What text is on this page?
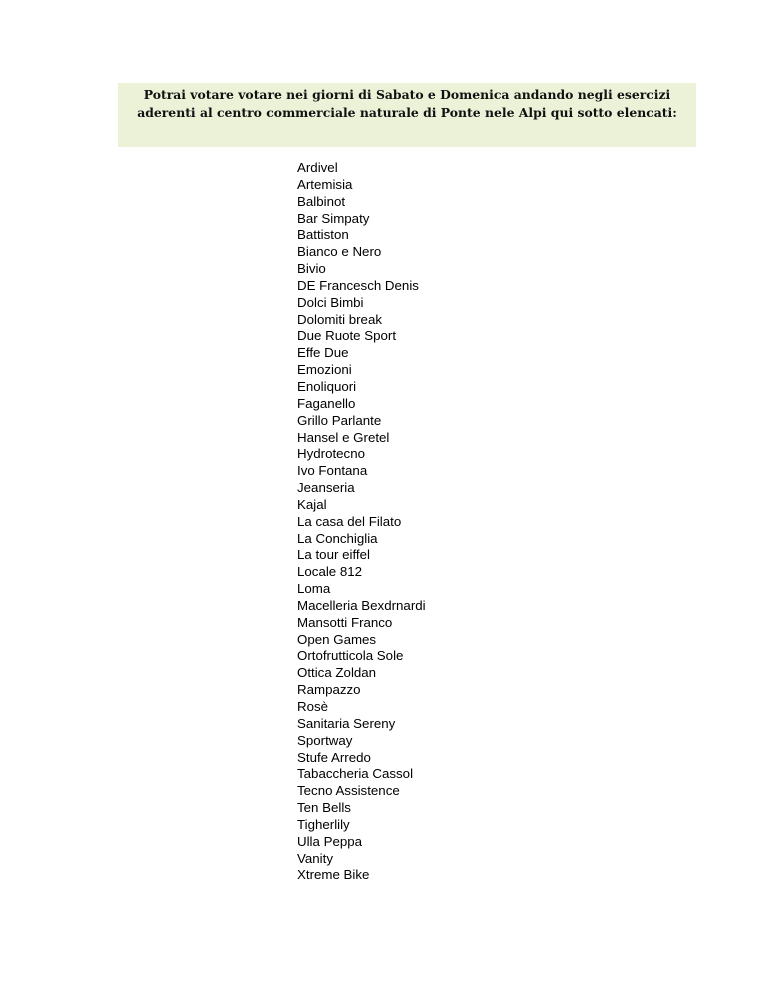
Potrai votare votare nei giorni di Sabato e Domenica andando negli esercizi
aderenti al centro commerciale naturale di Ponte nele Alpi qui sotto elencati:

Ardivel
Artemisia
Balbinot
Bar Simpaty
Battiston
Bianco e Nero
Bivio
DE Francesch Denis
Dolci Bimbi
Dolomiti break
Due Ruote Sport
Effe Due
Emozioni
Enoliquori
Faganello
Grillo Parlante
Hansel e Gretel
Hydrotecno
Ivo Fontana
Jeanseria
Kajal
La casa del Filato
La Conchiglia
La tour eiffel
Locale 812
Loma
Macelleria Bexdrnardi
Mansotti Franco
Open Games
Ortofrutticola Sole
Ottica Zoldan
Rampazzo
Rosè
Sanitaria Sereny
Sportway
Stufe Arredo
Tabaccheria Cassol
Tecno Assistence
Ten Bells
Tigherlily
Ulla Peppa
Vanity
Xtreme Bike
